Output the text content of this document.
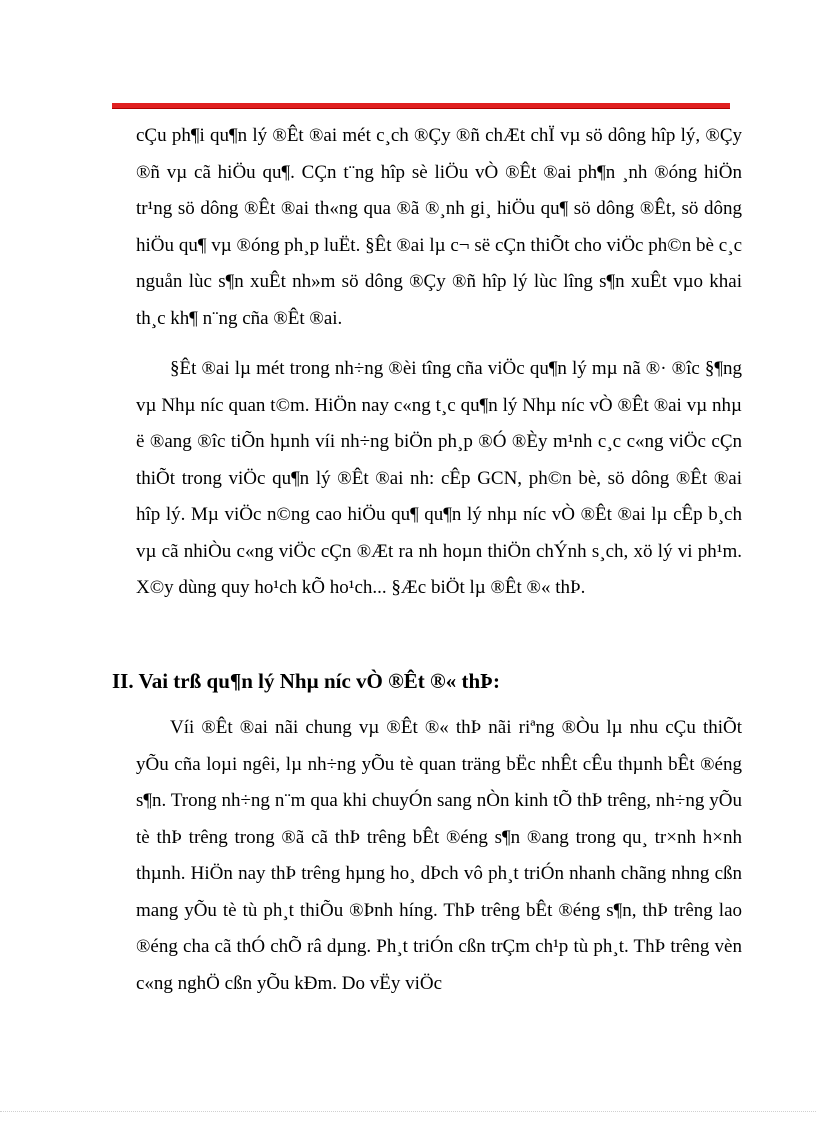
cÇu ph¶i qu¶n lý ®Êt ®ai mét c¸ch ®Çy ®ñ chÆt chÏ vµ sö dông hîp lý, ®Çy ®ñ vµ cã hiÖu qu¶. CÇn t¨ng hîp sè liÖu vÒ ®Êt ®ai ph¶n ¸nh ®óng hiÖn tr¹ng sö dông ®Êt ®ai th«ng qua ®ã ®¸nh gi¸ hiÖu qu¶ sö dông ®Êt, sö dông hiÖu qu¶ vµ ®óng ph¸p luËt. §Êt ®ai lµ c¬ së cÇn thiÕt cho viÖc ph©n bè c¸c nguån lùc s¶n xuÊt nh»m sö dông ®Çy ®ñ hîp lý lùc lîng s¶n xuÊt vµo khai th¸c kh¶ n¨ng cña ®Êt ®ai.

§Êt ®ai lµ mét trong nh÷ng ®èi tîng cña viÖc qu¶n lý mµ nã ®· ®îc §¶ng vµ Nhµ níc quan t©m. HiÖn nay c«ng t¸c qu¶n lý Nhµ níc vÒ ®Êt ®ai vµ nhµ ë ®ang ®îc tiÕn hµnh víi nh÷ng biÖn ph¸p ®Ó ®Èy m¹nh c¸c c«ng viÖc cÇn thiÕt trong viÖc qu¶n lý ®Êt ®ai nh: cÊp GCN, ph©n bè, sö dông ®Êt ®ai hîp lý. Mµ viÖc n©ng cao hiÖu qu¶ qu¶n lý nhµ níc vÒ ®Êt ®ai lµ cÊp b¸ch vµ cã nhiÒu c«ng viÖc cÇn ®Æt ra nh hoµn thiÖn chÝnh s¸ch, xö lý vi ph¹m. X©y dùng quy ho¹ch kÕ ho¹ch... §Æc biÖt lµ ®Êt ®« thÞ.

II. Vai trß qu¶n lý Nhµ níc vÒ ®Êt ®« thÞ:

Víi ®Êt ®ai nãi chung vµ ®Êt ®« thÞ nãi riªng ®Òu lµ nhu cÇu thiÕt yÕu cña loµi ngêi, lµ nh÷ng yÕu tè quan träng bËc nhÊt cÊu thµnh bÊt ®éng s¶n. Trong nh÷ng n¨m qua khi chuyÓn sang nÒn kinh tÕ thÞ trêng, nh÷ng yÕu tè thÞ trêng trong ®ã cã thÞ trêng bÊt ®éng s¶n ®ang trong qu¸ tr×nh h×nh thµnh. HiÖn nay thÞ trêng hµng ho¸ dÞch vô ph¸t triÓn nhanh chãng nhng cßn mang yÕu tè tù ph¸t thiÕu ®Þnh híng. ThÞ trêng bÊt ®éng s¶n, thÞ trêng lao ®éng cha cã thÓ chÕ râ dµng. Ph¸t triÓn cßn trÇm ch¹p tù ph¸t. ThÞ trêng vèn c«ng nghÖ cßn yÕu kÐm. Do vËy viÖc
